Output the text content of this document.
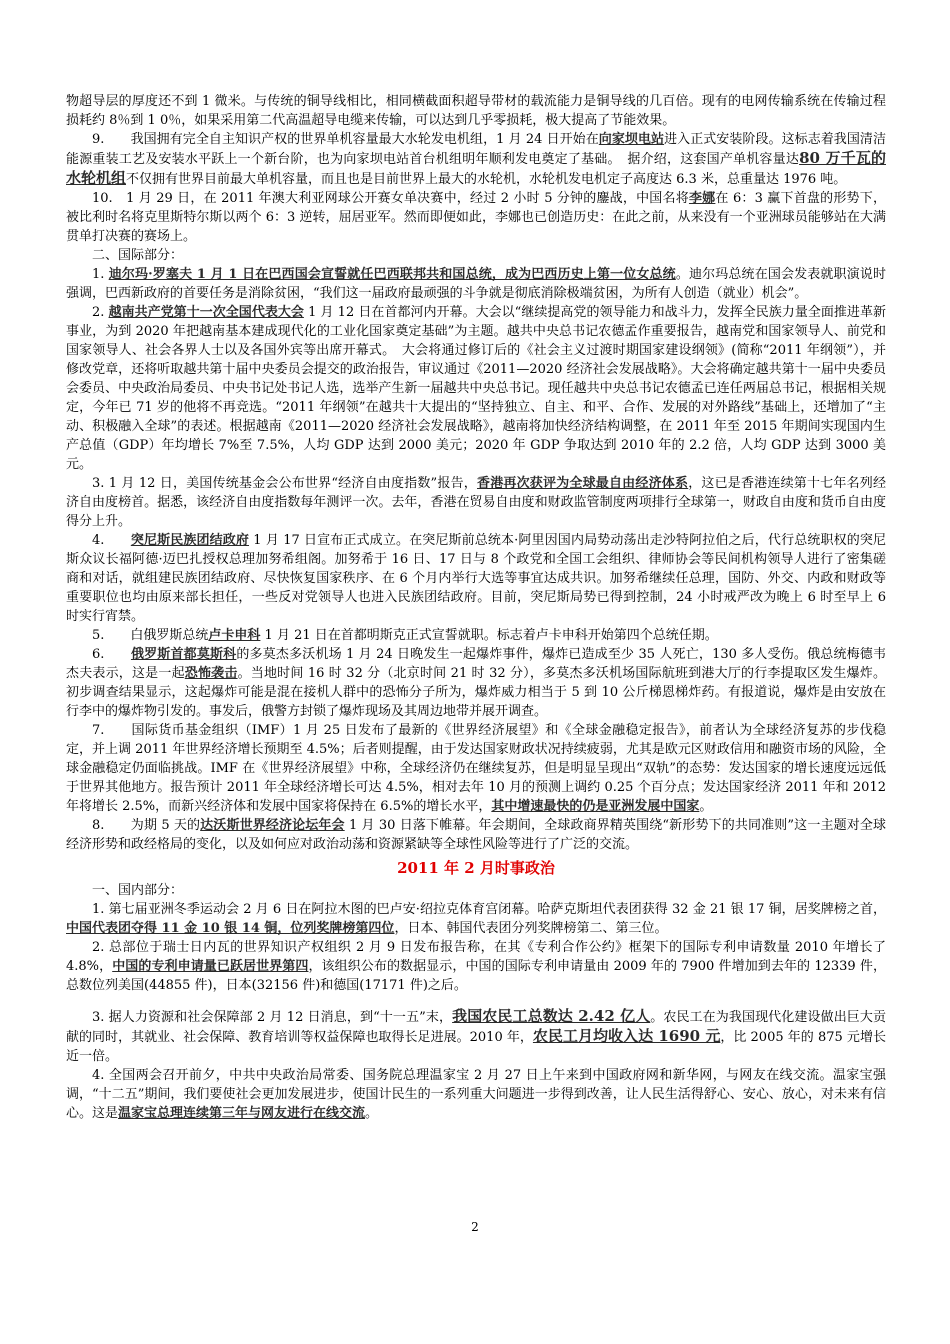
物超导层的厚度还不到 1 微米。与传统的铜导线相比，相同横截面积超导带材的载流能力是铜导线的几百倍。现有的电网传输系统在传输过程损耗约 8％到 1 0％，如果采用第二代高温超导电缆来传输，可以达到几乎零损耗，极大提高了节能效果。

9.　　我国拥有完全自主知识产权的世界单机容量最大水轮发电机组，1 月 24 日开始在向家坝电站进入正式安装阶段。这标志着我国清洁能源重装工艺及安装水平跃上一个新台阶，也为向家坝电站首台机组明年顺利发电奠定了基础。　据介绍，这套国产单机容量达80 万千瓦的水轮机组不仅拥有世界目前最大单机容量，而且也是目前世界上最大的水轮机，水轮机发电机定子高度达 6.3 米，总重量达 1976 吨。

10.　1 月 29 日，在 2011 年澳大利亚网球公开赛女单决赛中，经过 2 小时 5 分钟的鏖战，中国名将李娜在 6：3 赢下首盘的形势下，被比利时名将克里斯特尔斯以两个 6：3 逆转，屈居亚军。然而即便如此，李娜也已创造历史：在此之前，从来没有一个亚洲球员能够站在大满贯单打决赛的赛场上。

二、国际部分：

1. 迪尔玛·罗塞夫 1 月 1 日在巴西国会宣誓就任巴西联邦共和国总统，成为巴西历史上第一位女总统。迪尔玛总统在国会发表就职演说时强调，巴西新政府的首要任务是消除贫困，“我们这一届政府最顽强的斗争就是彻底消除极端贫困，为所有人创造（就业）机会”。

2. 越南共产党第十一次全国代表大会 1 月 12 日在首都河内开幕。大会以“继续提高党的领导能力和战斗力，发挥全民族力量全面推进革新事业，为到 2020 年把越南基本建成现代化的工业化国家奠定基础”为主题。越共中央总书记农德孟作重要报告，越南党和国家领导人、前党和国家领导人、社会各界人士以及各国外宾等出席开幕式。　大会将通过修订后的《社会主义过渡时期国家建设纲领》(简称“2011 年纲领”），并修改党章，还将听取越共第十届中央委员会提交的政治报告，审议通过《2011—2020 经济社会发展战略》。大会将确定越共第十一届中央委员会委员、中央政治局委员、中央书记处书记人选，选举产生新一届越共中央总书记。现任越共中央总书记农德孟已连任两届总书记，根据相关规定，今年已 71 岁的他将不再竞选。“2011 年纲领”在越共十大提出的“坚持独立、自主、和平、合作、发展的对外路线”基础上，还增加了“主动、积极融入全球”的表述。根据越南《2011—2020 经济社会发展战略》，越南将加快经济结构调整，在 2011 年至 2015 年期间实现国内生产总值（GDP）年均增长 7%至 7.5%，人均 GDP 达到 2000 美元；2020 年 GDP 争取达到 2010 年的 2.2 倍，人均 GDP 达到 3000 美元。

3. 1 月 12 日，美国传统基金会公布世界“经济自由度指数”报告，香港再次获评为全球最自由经济体系，这已是香港连续第十七年名列经济自由度榜首。据悉，该经济自由度指数每年测评一次。去年，香港在贸易自由度和财政监管制度两项排行全球第一，财政自由度和货币自由度得分上升。

4.　　突尼斯民族团结政府 1 月 17 日宣布正式成立。在突尼斯前总统本·阿里因国内局势动荡出走沙特阿拉伯之后，代行总统职权的突尼斯众议长福阿德·迈巴扎授权总理加努希组阁。加努希于 16 日、17 日与 8 个政党和全国工会组织、律师协会等民间机构领导人进行了密集磋商和对话，就组建民族团结政府、尽快恢复国家秩序、在 6 个月内举行大选等事宜达成共识。加努希继续任总理，国防、外交、内政和财政等重要职位也均由原来部长担任，一些反对党领导人也进入民族团结政府。目前，突尼斯局势已得到控制，24 小时戒严改为晚上 6 时至早上 6 时实行宵禁。

5.　　白俄罗斯总统卢卡申科 1 月 21 日在首都明斯克正式宣誓就职。标志着卢卡申科开始第四个总统任期。

6.　　俄罗斯首都莫斯科的多莫杰多沃机场 1 月 24 日晚发生一起爆炸事件，爆炸已造成至少 35 人死亡，130 多人受伤。俄总统梅德韦杰夫表示，这是一起恐怖袭击。当地时间 16 时 32 分（北京时间 21 时 32 分），多莫杰多沃机场国际航班到港大厅的行李提取区发生爆炸。初步调查结果显示，这起爆炸可能是混在接机人群中的恐怖分子所为，爆炸威力相当于 5 到 10 公斤梯恩梯炸药。有报道说，爆炸是由安放在行李中的爆炸物引发的。事发后，俄警方封锁了爆炸现场及其周边地带并展开调查。

7.　　国际货币基金组织（IMF）1 月 25 日发布了最新的《世界经济展望》和《全球金融稳定报告》，前者认为全球经济复苏的步伐稳定，并上调 2011 年世界经济增长预期至 4.5%；后者则提醒，由于发达国家财政状况持续疲弱，尤其是欧元区财政信用和融资市场的风险，全球金融稳定仍面临挑战。IMF 在《世界经济展望》中称，全球经济仍在继续复苏，但是明显呈现出“双轨”的态势：发达国家的增长速度远远低于世界其他地方。报告预计 2011 年全球经济增长可达 4.5%，相对去年 10 月的预测上调约 0.25 个百分点；发达国家经济 2011 年和 2012 年将增长 2.5%，而新兴经济体和发展中国家将保持在 6.5%的增长水平，其中增速最快的仍是亚洲发展中国家。

8.　　为期 5 天的达沃斯世界经济论坛年会 1 月 30 日落下帷幕。年会期间，全球政商界精英围绕“新形势下的共同准则”这一主题对全球经济形势和政经格局的变化，以及如何应对政治动荡和资源紧缺等全球性风险等进行了广泛的交流。

2011 年 2 月时事政治

一、国内部分：

1. 第七届亚洲冬季运动会 2 月 6 日在阿拉木图的巴卢安·绍拉克体育宫闭幕。哈萨克斯坦代表团获得 32 金 21 银 17 铜，居奖牌榜之首，中国代表团夺得 11 金 10 银 14 铜，位列奖牌榜第四位，日本、韩国代表团分列奖牌榜第二、第三位。

2. 总部位于瑞士日内瓦的世界知识产权组织 2 月 9 日发布报告称，在其《专利合作公约》框架下的国际专利申请数量 2010 年增长了 4.8%，中国的专利申请量已跃居世界第四，该组织公布的数据显示，中国的国际专利申请量由 2009 年的 7900 件增加到去年的 12339 件，总数位列美国(44855 件)，日本(32156 件)和德国(17171 件)之后。

3. 据人力资源和社会保障部 2 月 12 日消息，到“十一五”末，我国农民工总数达 2.42 亿人。农民工在为我国现代化建设做出巨大贡献的同时，其就业、社会保障、教育培训等权益保障也取得长足进展。2010 年，农民工月均收入达 1690 元，比 2005 年的 875 元增长近一倍。

4. 全国两会召开前夕，中共中央政治局常委、国务院总理温家宝 2 月 27 日上午来到中国政府网和新华网，与网友在线交流。温家宝强调，“十二五”期间，我们要使社会更加发展进步，使国计民生的一系列重大问题进一步得到改善，让人民生活得舒心、安心、放心，对未来有信心。这是温家宝总理连续第三年与网友进行在线交流。

2
